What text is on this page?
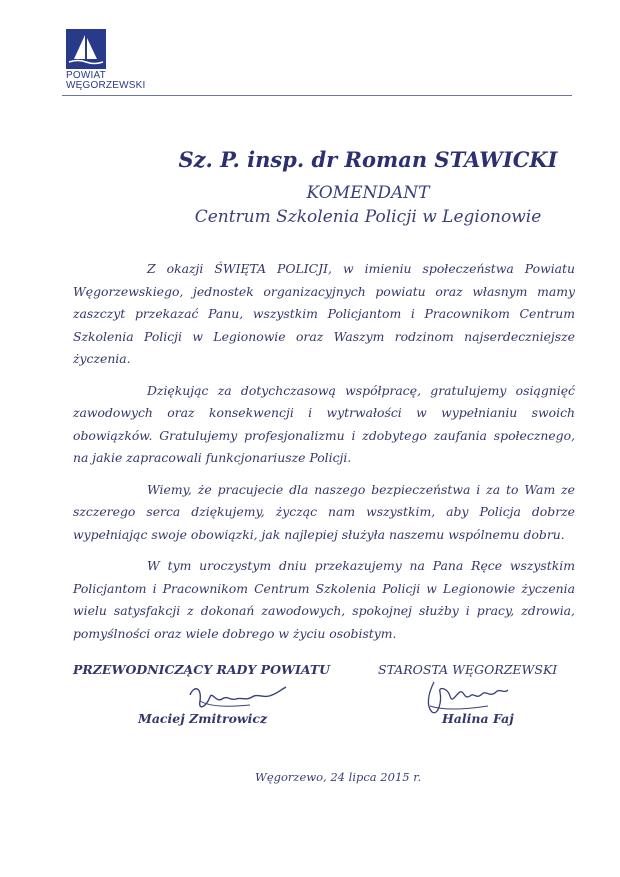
POWIAT
WĘGORZEWSKI
Sz. P. insp. dr Roman STAWICKI
KOMENDANT
Centrum Szkolenia Policji w Legionowie

Z okazji ŚWIĘTA POLICJI, w imieniu społeczeństwa Powiatu Węgorzewskiego, jednostek organizacyjnych powiatu oraz własnym mamy zaszczyt przekazać Panu, wszystkim Policjantom i Pracownikom Centrum Szkolenia Policji w Legionowie oraz Waszym rodzinom najserdeczniejsze życzenia.

Dziękując za dotychczasową współpracę, gratulujemy osiągnięć zawodowych oraz konsekwencji i wytrwałości w wypełnianiu swoich obowiązków. Gratulujemy profesjonalizmu i zdobytego zaufania społecznego, na jakie zapracowali funkcjonariusze Policji.

Wiemy, że pracujecie dla naszego bezpieczeństwa i za to Wam ze szczerego serca dziękujemy, życząc nam wszystkim, aby Policja dobrze wypełniając swoje obowiązki, jak najlepiej służyła naszemu wspólnemu dobru.

W tym uroczystym dniu przekazujemy na Pana Ręce wszystkim Policjantom i Pracownikom Centrum Szkolenia Policji w Legionowie życzenia wielu satysfakcji z dokonań zawodowych, spokojnej służby i pracy, zdrowia, pomyślności oraz wiele dobrego w życiu osobistym.

PRZEWODNICZĄCY RADY POWIATU	STAROSTA WĘGORZEWSKI
Maciej Zmitrowicz	Halina Faj
Węgorzewo, 24 lipca 2015 r.
